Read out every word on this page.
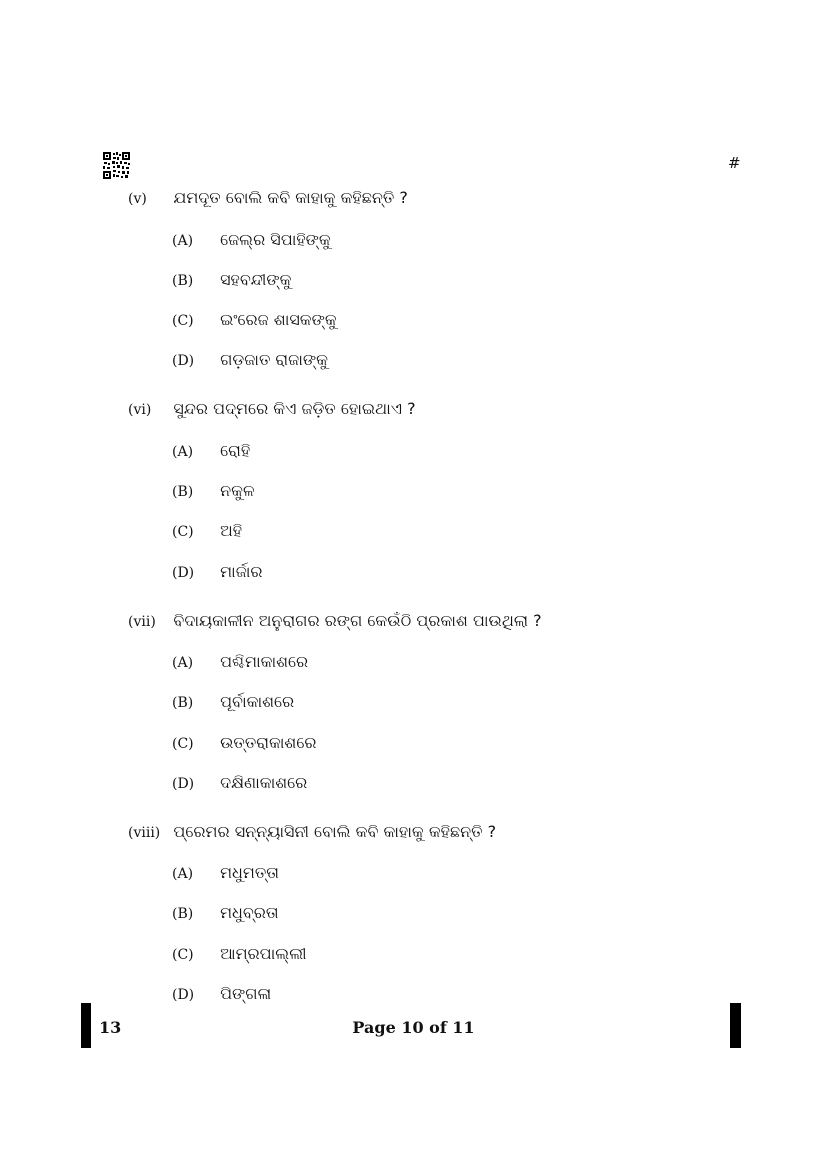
#
(v) ଯମଦୂତ ବୋଲି କବି କାହାକୁ କହିଛନ୍ତି ?
(A) ଜେଲ୍‌ର ସିପାହିଙ୍କୁ
(B) ସହବନ୍ଦୀଙ୍କୁ
(C) ଇଂରେଜ ଶାସକଙ୍କୁ
(D) ଗଡ଼ଜାତ ରାଜାଙ୍କୁ
(vi) ସୁନ୍ଦର ପଦ୍ମରେ କିଏ ଜଡ଼ିତ ହୋଇଥାଏ ?
(A) ରୋହି
(B) ନକୁଳ
(C) ଅହି
(D) ମାର୍ଜାର
(vii) ବିଦାୟକାଳୀନ ଅନୁରାଗର ରଙ୍ଗ କେଉଁଠି ପ୍ରକାଶ ପାଉଥିଲା ?
(A) ପଶ୍ଚିମାକାଶରେ
(B) ପୂର୍ବାକାଶରେ
(C) ଉତ୍ତରାକାଶରେ
(D) ଦକ୍ଷିଣାକାଶରେ
(viii) ପ୍ରେମର ସନ୍ନ୍ୟାସିନୀ ବୋଲି କବି କାହାକୁ କହିଛନ୍ତି ?
(A) ମଧୁମତ୍ତା
(B) ମଧୁବ୍ରତା
(C) ଆମ୍ରପାଲ୍ଲୀ
(D) ପିଙ୍ଗଳା
13	Page 10 of 11
